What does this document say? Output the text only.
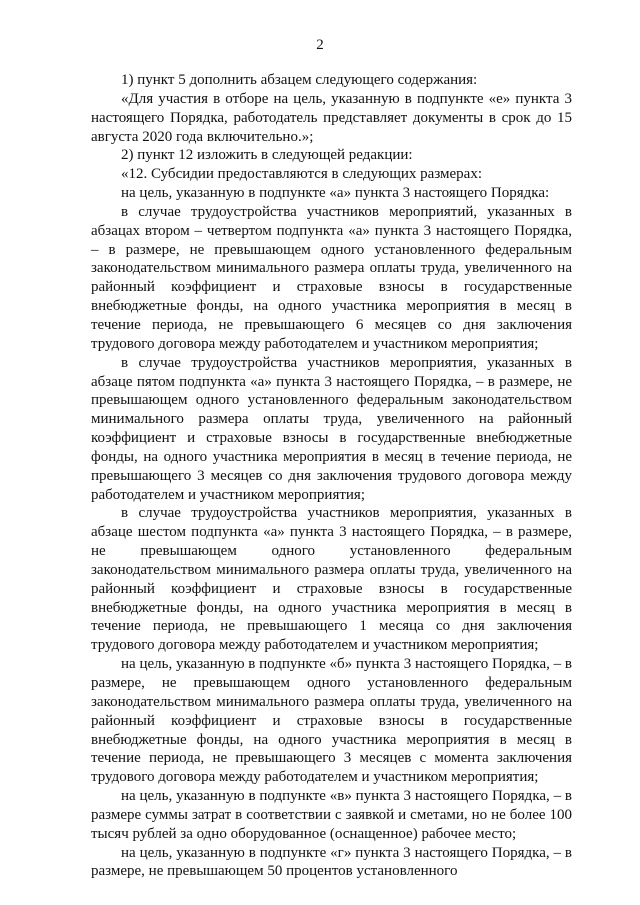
2

1) пункт 5 дополнить абзацем следующего содержания:

«Для участия в отборе на цель, указанную в подпункте «е» пункта 3 настоящего Порядка, работодатель представляет документы в срок до 15 августа 2020 года включительно.»;

2) пункт 12 изложить в следующей редакции:

«12. Субсидии предоставляются в следующих размерах:

на цель, указанную в подпункте «а» пункта 3 настоящего Порядка:

в случае трудоустройства участников мероприятий, указанных в абзацах втором – четвертом подпункта «а» пункта 3 настоящего Порядка, – в размере, не превышающем одного установленного федеральным законодательством минимального размера оплаты труда, увеличенного на районный коэффициент и страховые взносы в государственные внебюджетные фонды, на одного участника мероприятия в месяц в течение периода, не превышающего 6 месяцев со дня заключения трудового договора между работодателем и участником мероприятия;

в случае трудоустройства участников мероприятия, указанных в абзаце пятом подпункта «а» пункта 3 настоящего Порядка, – в размере, не превышающем одного установленного федеральным законодательством минимального размера оплаты труда, увеличенного на районный коэффициент и страховые взносы в государственные внебюджетные фонды, на одного участника мероприятия в месяц в течение периода, не превышающего 3 месяцев со дня заключения трудового договора между работодателем и участником мероприятия;

в случае трудоустройства участников мероприятия, указанных в абзаце шестом подпункта «а» пункта 3 настоящего Порядка, – в размере, не превышающем одного установленного федеральным законодательством минимального размера оплаты труда, увеличенного на районный коэффициент и страховые взносы в государственные внебюджетные фонды, на одного участника мероприятия в месяц в течение периода, не превышающего 1 месяца со дня заключения трудового договора между работодателем и участником мероприятия;

на цель, указанную в подпункте «б» пункта 3 настоящего Порядка, – в размере, не превышающем одного установленного федеральным законодательством минимального размера оплаты труда, увеличенного на районный коэффициент и страховые взносы в государственные внебюджетные фонды, на одного участника мероприятия в месяц в течение периода, не превышающего 3 месяцев с момента заключения трудового договора между работодателем и участником мероприятия;

на цель, указанную в подпункте «в» пункта 3 настоящего Порядка, – в размере суммы затрат в соответствии с заявкой и сметами, но не более 100 тысяч рублей за одно оборудованное (оснащенное) рабочее место;

на цель, указанную в подпункте «г» пункта 3 настоящего Порядка, – в размере, не превышающем 50 процентов установленного
